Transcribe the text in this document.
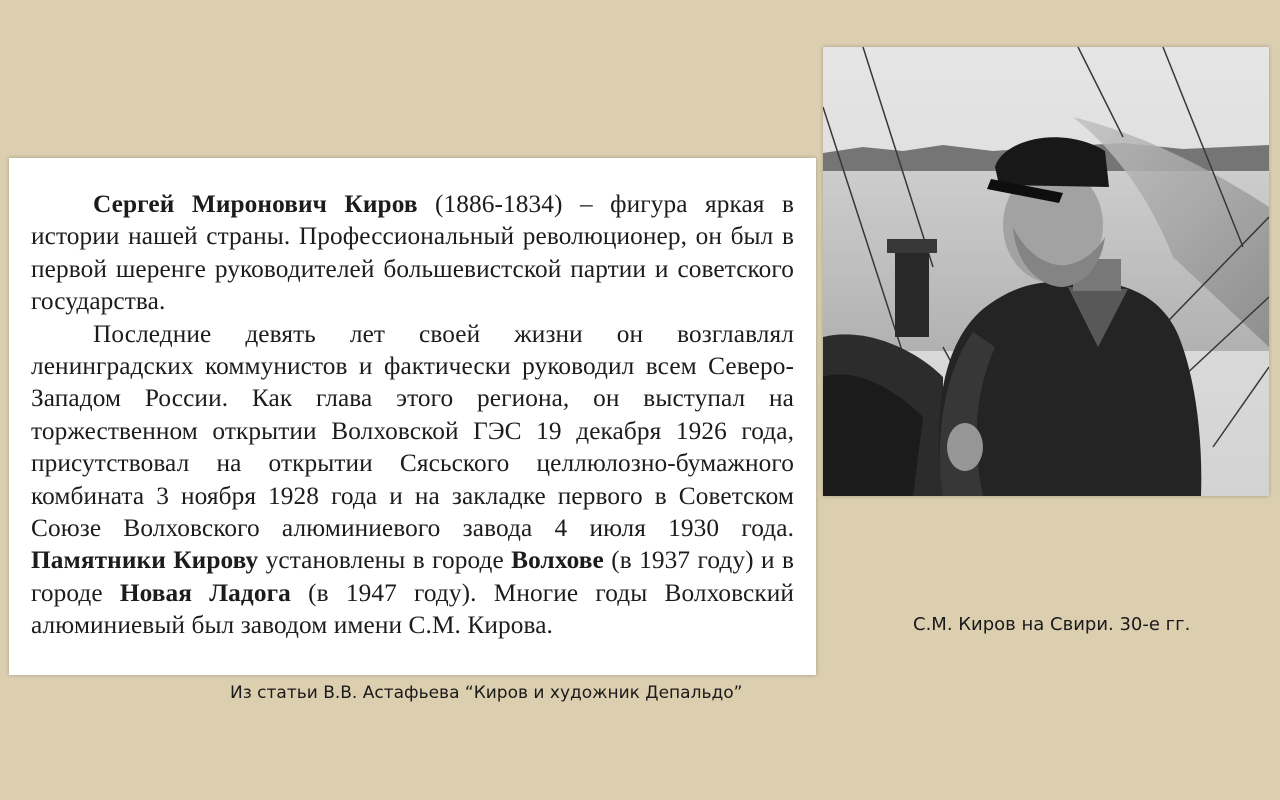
Сергей Миронович Киров (1886-1834) – фигура яркая в истории нашей страны. Профессиональный революционер, он был в первой шеренге руководителей большевистской партии и советского государства.

Последние девять лет своей жизни он возглавлял ленинградских коммунистов и фактически руководил всем Северо-Западом России. Как глава этого региона, он выступал на торжественном открытии Волховской ГЭС 19 декабря 1926 года, присутствовал на открытии Сясьского целлюлозно-бумажного комбината 3 ноября 1928 года и на закладке первого в Советском Союзе Волховского алюминиевого завода 4 июля 1930 года. Памятники Кирову установлены в городе Волхове (в 1937 году) и в городе Новая Ладога (в 1947 году). Многие годы Волховский алюминиевый был заводом имени С.М. Кирова.

Из статьи В.В. Астафьева “Киров и художник Депальдо”
С.М. Киров на Свири. 30-е гг.
